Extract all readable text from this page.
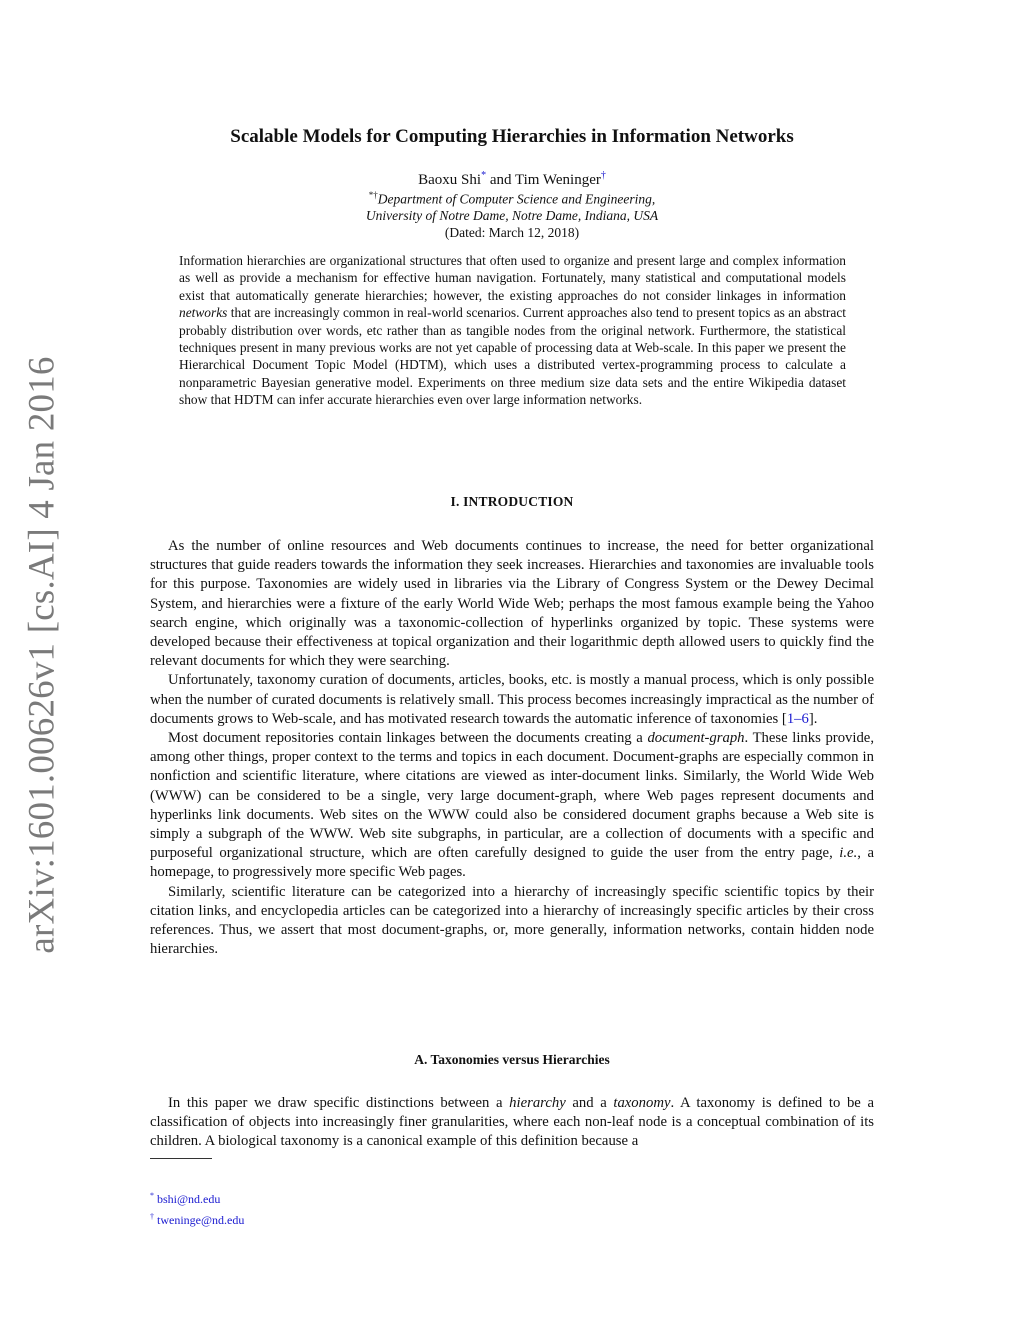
arXiv:1601.00626v1 [cs.AI] 4 Jan 2016
Scalable Models for Computing Hierarchies in Information Networks
Baoxu Shi* and Tim Weninger†
*†Department of Computer Science and Engineering,
University of Notre Dame, Notre Dame, Indiana, USA
(Dated: March 12, 2018)
Information hierarchies are organizational structures that often used to organize and present large and complex information as well as provide a mechanism for effective human navigation. Fortunately, many statistical and computational models exist that automatically generate hierarchies; however, the existing approaches do not consider linkages in information networks that are increasingly common in real-world scenarios. Current approaches also tend to present topics as an abstract probably distribution over words, etc rather than as tangible nodes from the original network. Furthermore, the statistical techniques present in many previous works are not yet capable of processing data at Web-scale. In this paper we present the Hierarchical Document Topic Model (HDTM), which uses a distributed vertex-programming process to calculate a nonparametric Bayesian generative model. Experiments on three medium size data sets and the entire Wikipedia dataset show that HDTM can infer accurate hierarchies even over large information networks.
I. INTRODUCTION

As the number of online resources and Web documents continues to increase, the need for better organizational structures that guide readers towards the information they seek increases. Hierarchies and taxonomies are invaluable tools for this purpose. Taxonomies are widely used in libraries via the Library of Congress System or the Dewey Decimal System, and hierarchies were a fixture of the early World Wide Web; perhaps the most famous example being the Yahoo search engine, which originally was a taxonomic-collection of hyperlinks organized by topic. These systems were developed because their effectiveness at topical organization and their logarithmic depth allowed users to quickly find the relevant documents for which they were searching.

Unfortunately, taxonomy curation of documents, articles, books, etc. is mostly a manual process, which is only possible when the number of curated documents is relatively small. This process becomes increasingly impractical as the number of documents grows to Web-scale, and has motivated research towards the automatic inference of taxonomies [1–6].

Most document repositories contain linkages between the documents creating a document-graph. These links provide, among other things, proper context to the terms and topics in each document. Document-graphs are especially common in nonfiction and scientific literature, where citations are viewed as inter-document links. Similarly, the World Wide Web (WWW) can be considered to be a single, very large document-graph, where Web pages represent documents and hyperlinks link documents. Web sites on the WWW could also be considered document graphs because a Web site is simply a subgraph of the WWW. Web site subgraphs, in particular, are a collection of documents with a specific and purposeful organizational structure, which are often carefully designed to guide the user from the entry page, i.e., a homepage, to progressively more specific Web pages.

Similarly, scientific literature can be categorized into a hierarchy of increasingly specific scientific topics by their citation links, and encyclopedia articles can be categorized into a hierarchy of increasingly specific articles by their cross references. Thus, we assert that most document-graphs, or, more generally, information networks, contain hidden node hierarchies.

A. Taxonomies versus Hierarchies

In this paper we draw specific distinctions between a hierarchy and a taxonomy. A taxonomy is defined to be a classification of objects into increasingly finer granularities, where each non-leaf node is a conceptual combination of its children. A biological taxonomy is a canonical example of this definition because a

* bshi@nd.edu
† tweninge@nd.edu
